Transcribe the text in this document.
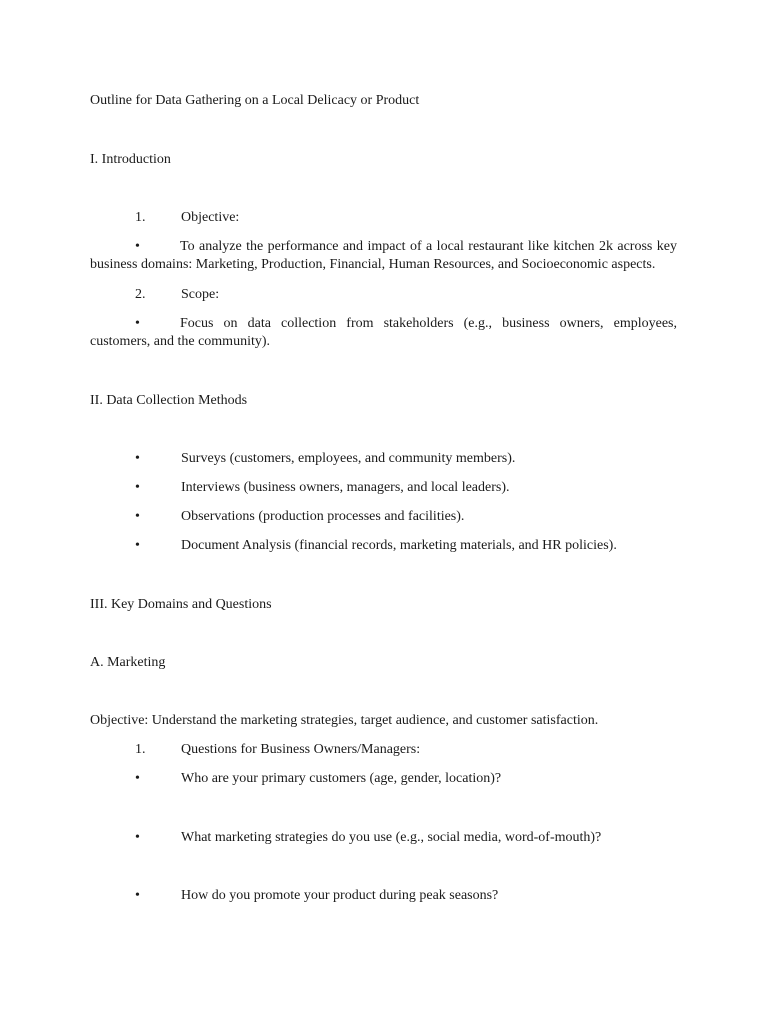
Outline for Data Gathering on a Local Delicacy or Product
I. Introduction
1.	Objective:
•	To analyze the performance and impact of a local restaurant like kitchen 2k across key business domains: Marketing, Production, Financial, Human Resources, and Socioeconomic aspects.
2.	Scope:
•	Focus on data collection from stakeholders (e.g., business owners, employees, customers, and the community).
II. Data Collection Methods
•	Surveys (customers, employees, and community members).
•	Interviews (business owners, managers, and local leaders).
•	Observations (production processes and facilities).
•	Document Analysis (financial records, marketing materials, and HR policies).
III. Key Domains and Questions
A. Marketing
Objective: Understand the marketing strategies, target audience, and customer satisfaction.
1.	Questions for Business Owners/Managers:
•	Who are your primary customers (age, gender, location)?
•	What marketing strategies do you use (e.g., social media, word-of-mouth)?
•	How do you promote your product during peak seasons?
